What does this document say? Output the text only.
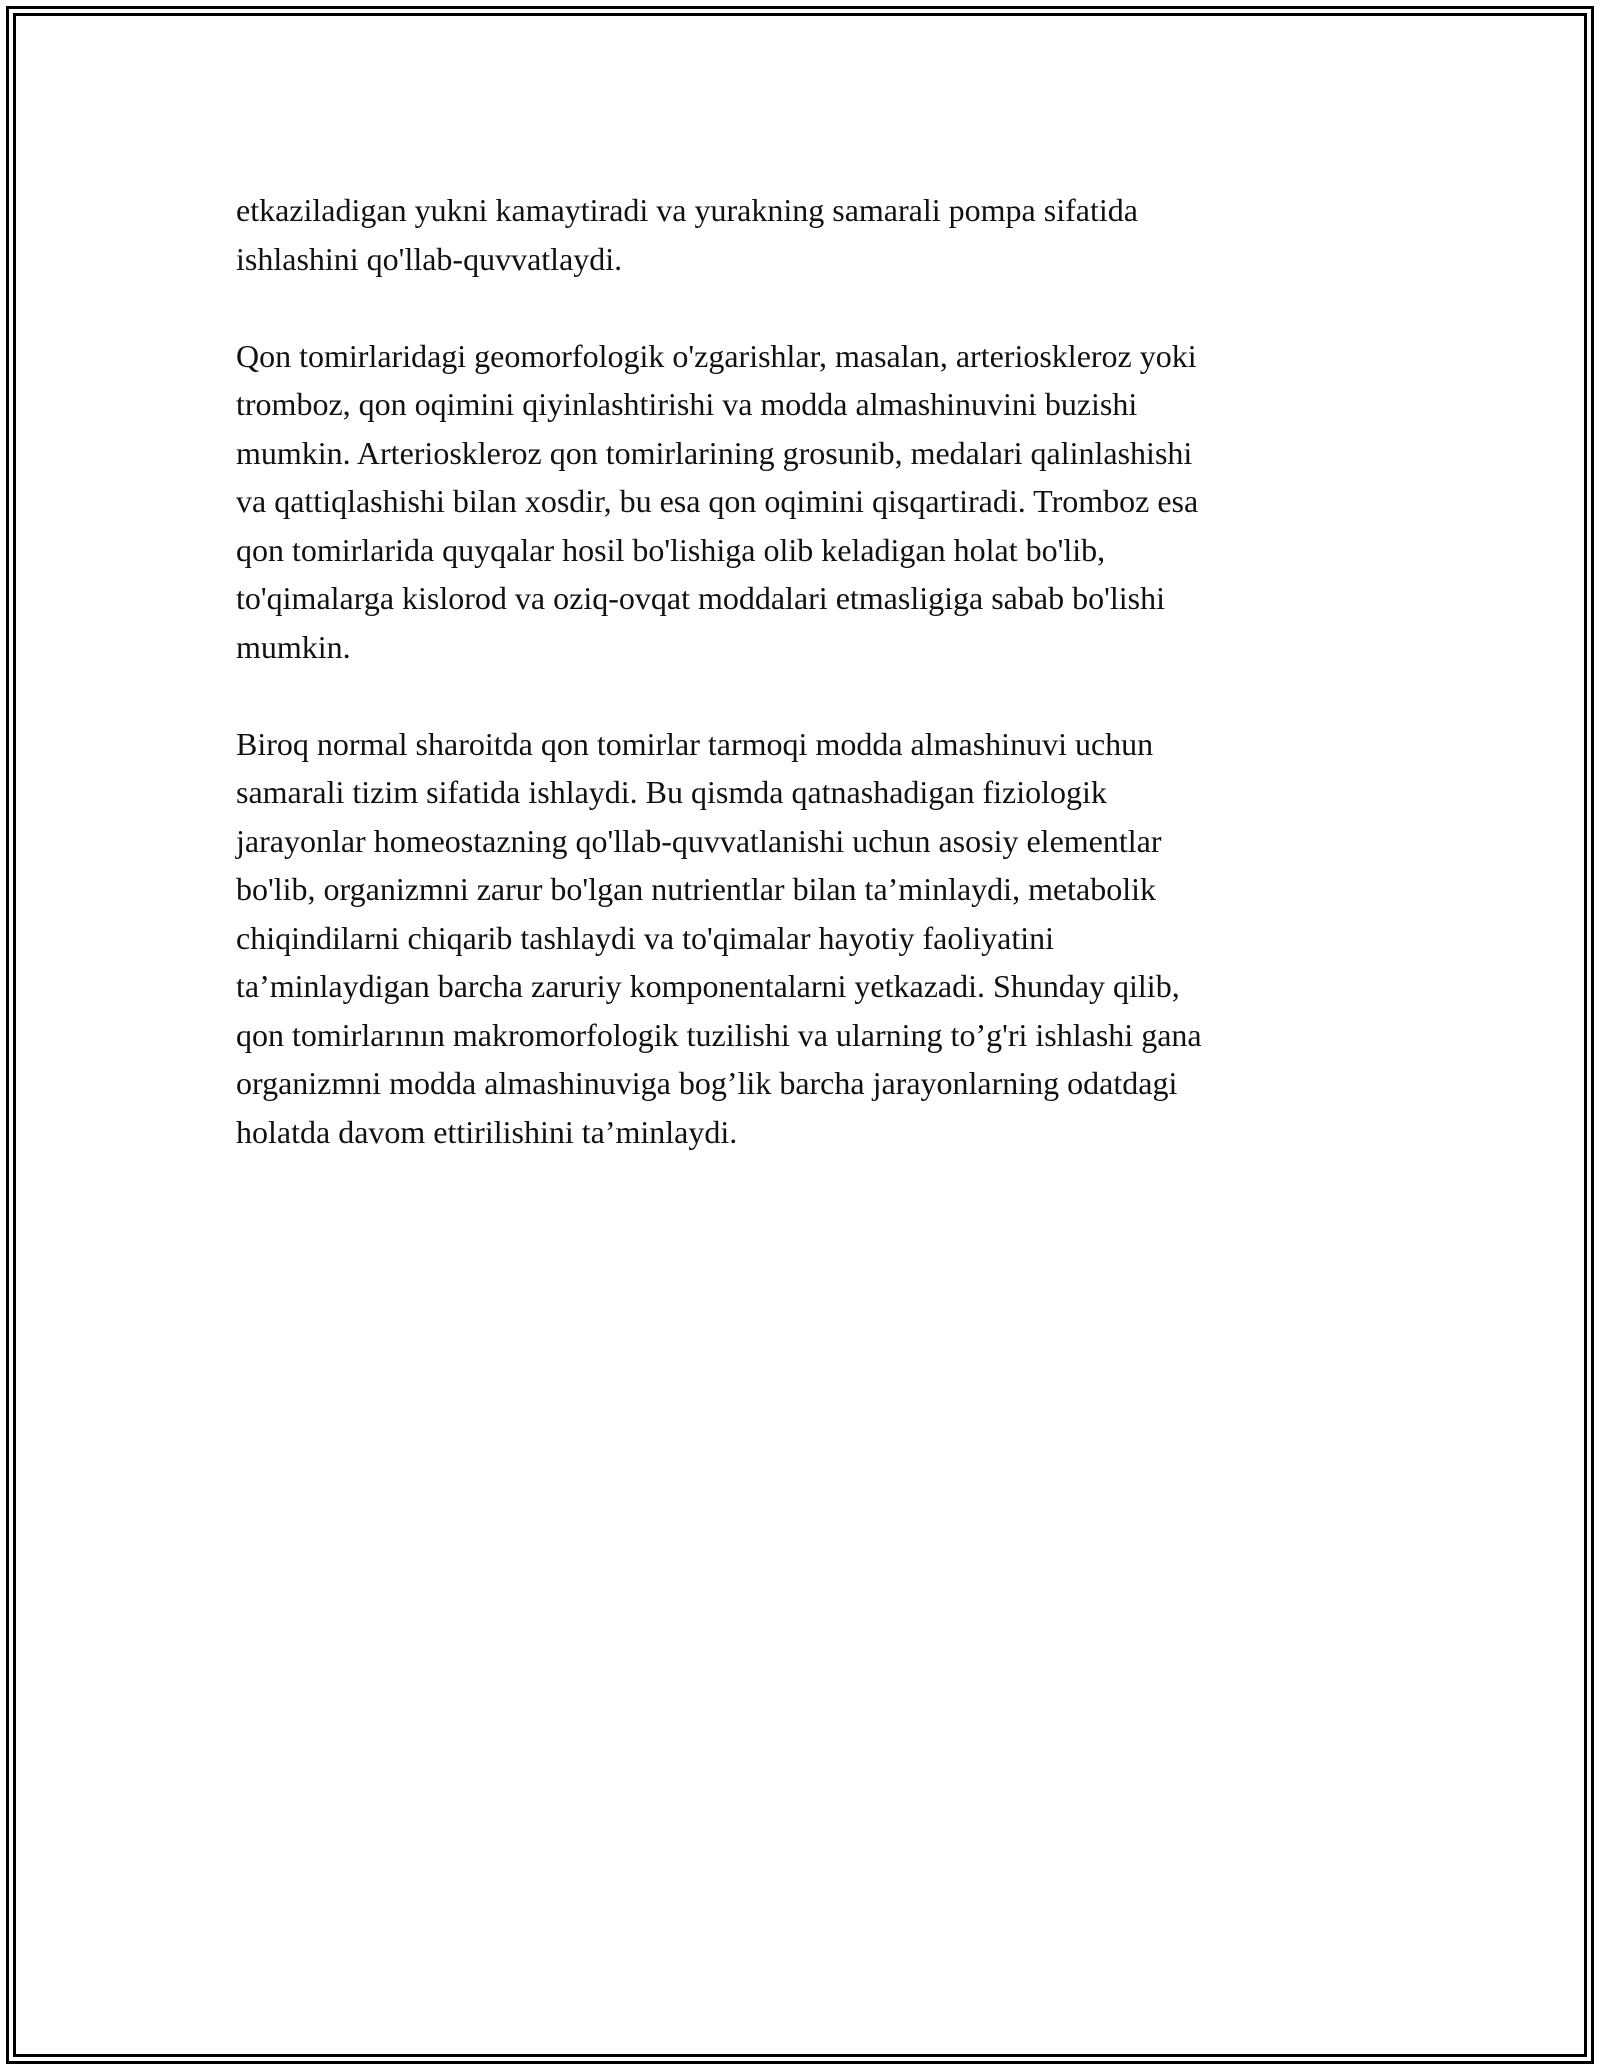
etkaziladigan yukni kamaytiradi va yurakning samarali pompa sifatida
ishlashini qo'llab-quvvatlaydi.

Qon tomirlaridagi geomorfologik o'zgarishlar, masalan, arterioskleroz yoki
tromboz, qon oqimini qiyinlashtirishi va modda almashinuvini buzishi
mumkin. Arterioskleroz qon tomirlarining grosunib, medalari qalinlashishi
va qattiqlashishi bilan xosdir, bu esa qon oqimini qisqartiradi. Tromboz esa
qon tomirlarida quyqalar hosil bo'lishiga olib keladigan holat bo'lib,
to'qimalarga kislorod va oziq-ovqat moddalari etmasligiga sabab bo'lishi
mumkin.

Biroq normal sharoitda qon tomirlar tarmoqi modda almashinuvi uchun
samarali tizim sifatida ishlaydi. Bu qismda qatnashadigan fiziologik
jarayonlar homeostazning qo'llab-quvvatlanishi uchun asosiy elementlar
bo'lib, organizmni zarur bo'lgan nutrientlar bilan ta’minlaydi, metabolik
chiqindilarni chiqarib tashlaydi va to'qimalar hayotiy faoliyatini
ta’minlaydigan barcha zaruriy komponentalarni yetkazadi. Shunday qilib,
qon tomirlarının makromorfologik tuzilishi va ularning to’g'ri ishlashi gana
organizmni modda almashinuviga bog’lik barcha jarayonlarning odatdagi
holatda davom ettirilishini ta’minlaydi.
